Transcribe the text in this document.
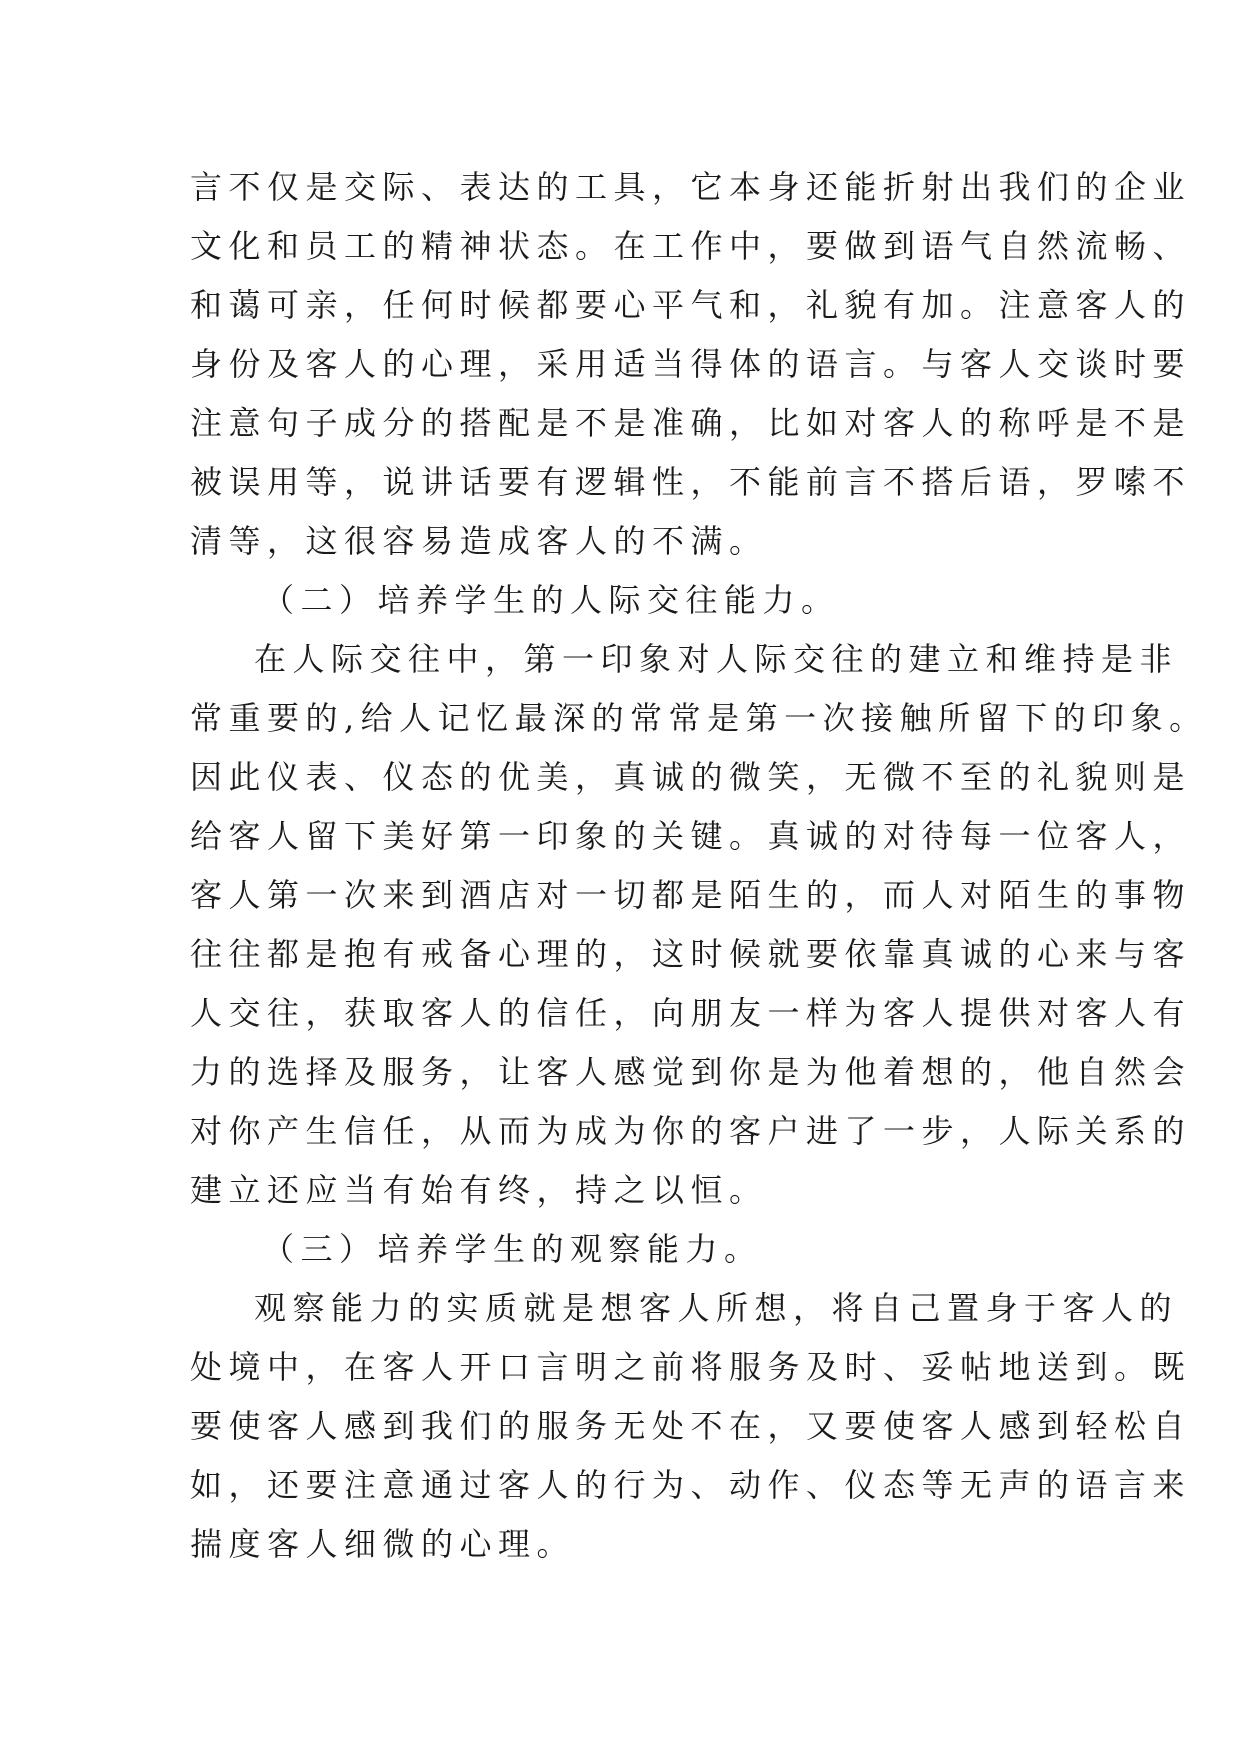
言不仅是交际、表达的工具，它本身还能折射出我们的企业
文化和员工的精神状态。在工作中，要做到语气自然流畅、
和蔼可亲，任何时候都要心平气和，礼貌有加。注意客人的
身份及客人的心理，采用适当得体的语言。与客人交谈时要
注意句子成分的搭配是不是准确，比如对客人的称呼是不是
被误用等，说讲话要有逻辑性，不能前言不搭后语，罗嗦不
清等，这很容易造成客人的不满。
（二）培养学生的人际交往能力。
在人际交往中，第一印象对人际交往的建立和维持是非
常重要的,给人记忆最深的常常是第一次接触所留下的印象。
因此仪表、仪态的优美，真诚的微笑，无微不至的礼貌则是
给客人留下美好第一印象的关键。真诚的对待每一位客人，
客人第一次来到酒店对一切都是陌生的，而人对陌生的事物
往往都是抱有戒备心理的，这时候就要依靠真诚的心来与客
人交往，获取客人的信任，向朋友一样为客人提供对客人有
力的选择及服务，让客人感觉到你是为他着想的，他自然会
对你产生信任，从而为成为你的客户进了一步，人际关系的
建立还应当有始有终，持之以恒。
（三）培养学生的观察能力。
观察能力的实质就是想客人所想，将自己置身于客人的
处境中，在客人开口言明之前将服务及时、妥帖地送到。既
要使客人感到我们的服务无处不在，又要使客人感到轻松自
如，还要注意通过客人的行为、动作、仪态等无声的语言来
揣度客人细微的心理。
